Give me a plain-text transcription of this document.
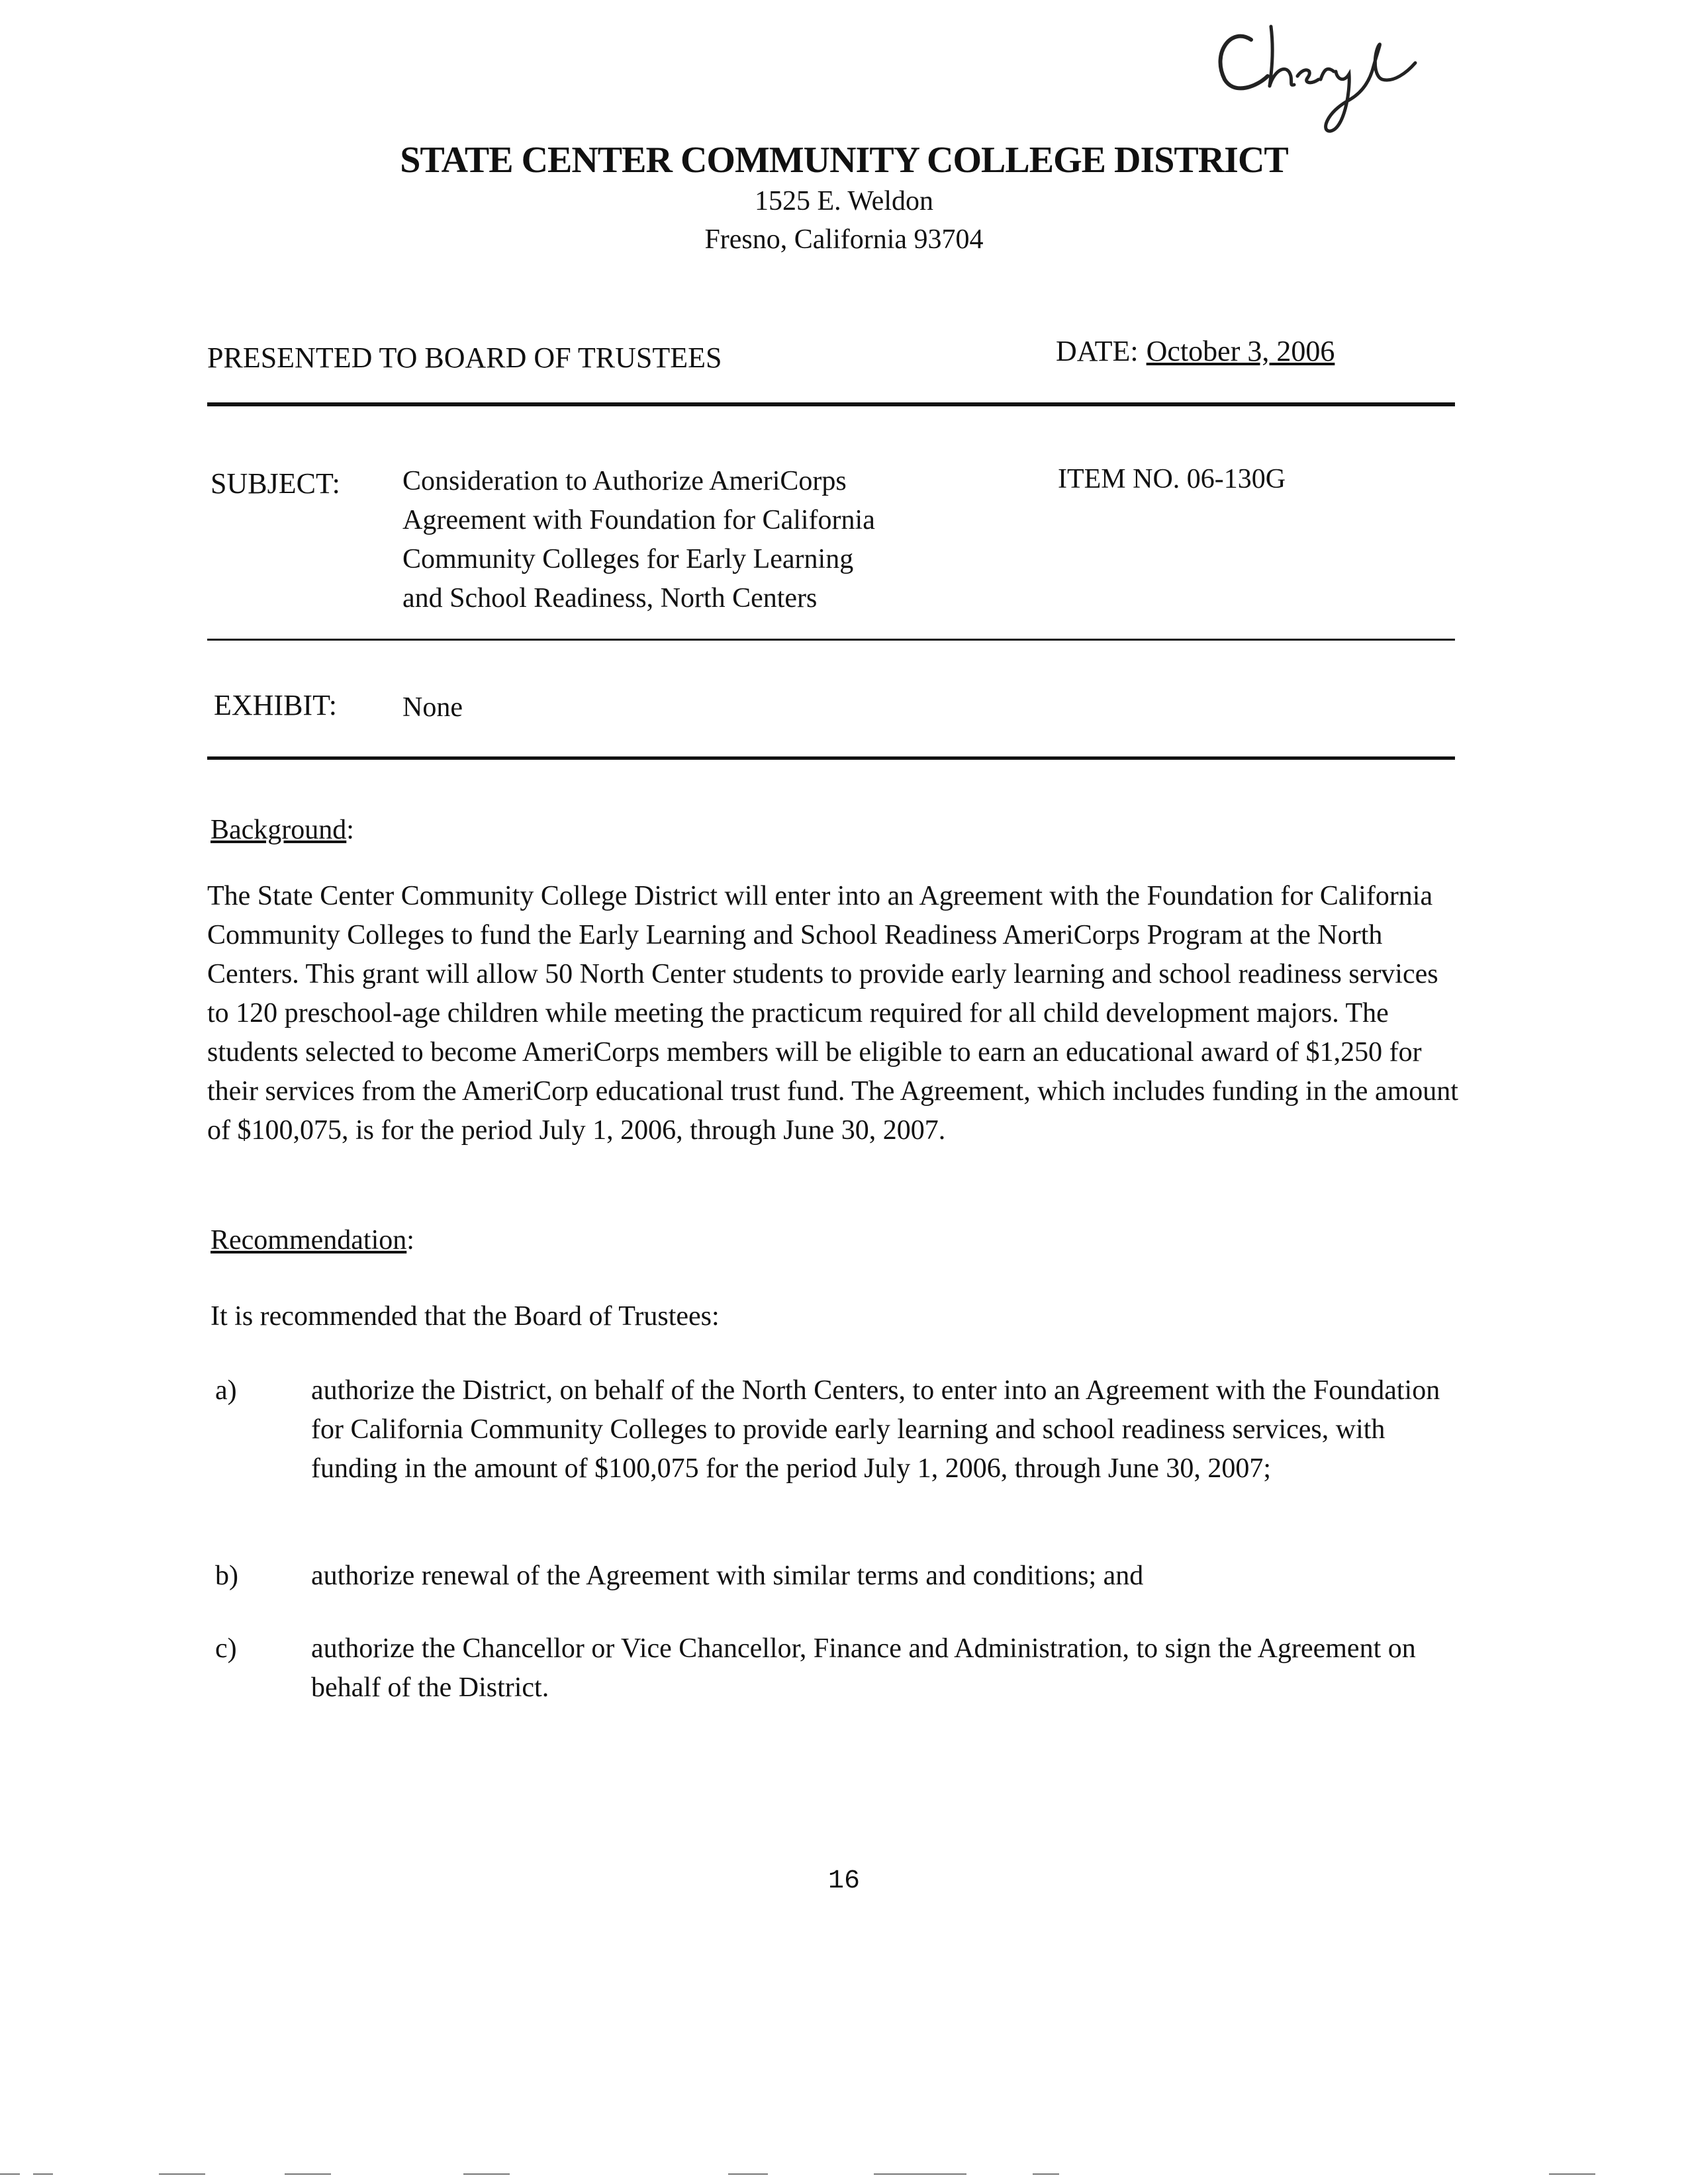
STATE CENTER COMMUNITY COLLEGE DISTRICT
1525 E. Weldon
Fresno, California 93704
PRESENTED TO BOARD OF TRUSTEES	DATE: October 3, 2006
SUBJECT: Consideration to Authorize AmeriCorps
Agreement with Foundation for California
Community Colleges for Early Learning
and School Readiness, North Centers
ITEM NO. 06-130G
EXHIBIT: None
Background:
The State Center Community College District will enter into an Agreement with the Foundation for California Community Colleges to fund the Early Learning and School Readiness AmeriCorps Program at the North Centers. This grant will allow 50 North Center students to provide early learning and school readiness services to 120 preschool-age children while meeting the practicum required for all child development majors. The students selected to become AmeriCorps members will be eligible to earn an educational award of $1,250 for their services from the AmeriCorp educational trust fund. The Agreement, which includes funding in the amount of $100,075, is for the period July 1, 2006, through June 30, 2007.
Recommendation:
It is recommended that the Board of Trustees:
a)	authorize the District, on behalf of the North Centers, to enter into an Agreement with the Foundation for California Community Colleges to provide early learning and school readiness services, with funding in the amount of $100,075 for the period July 1, 2006, through June 30, 2007;
b)	authorize renewal of the Agreement with similar terms and conditions; and
c)	authorize the Chancellor or Vice Chancellor, Finance and Administration, to sign the Agreement on behalf of the District.
16
